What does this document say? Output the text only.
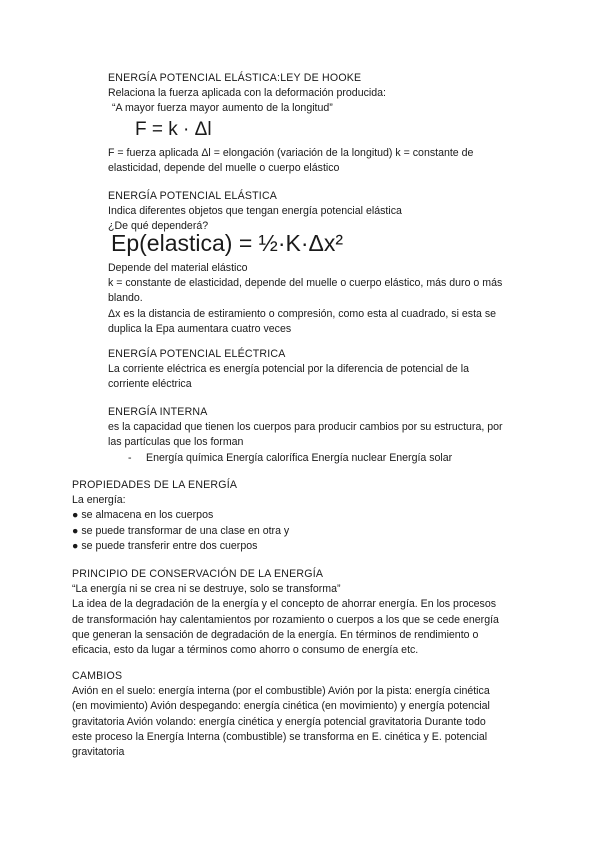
ENERGÍA POTENCIAL ELÁSTICA:LEY DE HOOKE
Relaciona la fuerza aplicada con la deformación producida:
“A mayor fuerza mayor aumento de la longitud”
F = k · Δl
F = fuerza aplicada Δl = elongación (variación de la longitud) k = constante de
elasticidad, depende del muelle o cuerpo elástico
ENERGÍA POTENCIAL ELÁSTICA
Indica diferentes objetos que tengan energía potencial elástica
¿De qué dependerá?
Ep(elastica) = ½·K·Δx²
Depende del material elástico
k = constante de elasticidad, depende del muelle o cuerpo elástico, más duro o más
blando.
Δx es la distancia de estiramiento o compresión, como esta al cuadrado, si esta se
duplica la Epa aumentara cuatro veces
ENERGÍA POTENCIAL ELÉCTRICA
La corriente eléctrica es energía potencial por la diferencia de potencial de la
corriente eléctrica
ENERGÍA INTERNA
es la capacidad que tienen los cuerpos para producir cambios por su estructura, por
las partículas que los forman
- Energía química Energía calorífica Energía nuclear Energía solar
PROPIEDADES DE LA ENERGÍA
La energía:
● se almacena en los cuerpos
● se puede transformar de una clase en otra y
● se puede transferir entre dos cuerpos
PRINCIPIO DE CONSERVACIÓN DE LA ENERGÍA
“La energía ni se crea ni se destruye, solo se transforma”
La idea de la degradación de la energía y el concepto de ahorrar energía. En los procesos
de transformación hay calentamientos por rozamiento o cuerpos a los que se cede energía
que generan la sensación de degradación de la energía. En términos de rendimiento o
eficacia, esto da lugar a términos como ahorro o consumo de energía etc.
CAMBIOS
Avión en el suelo: energía interna (por el combustible) Avión por la pista: energía cinética
(en movimiento) Avión despegando: energía cinética (en movimiento) y energía potencial
gravitatoria Avión volando: energía cinética y energía potencial gravitatoria Durante todo
este proceso la Energía Interna (combustible) se transforma en E. cinética y E. potencial
gravitatoria
